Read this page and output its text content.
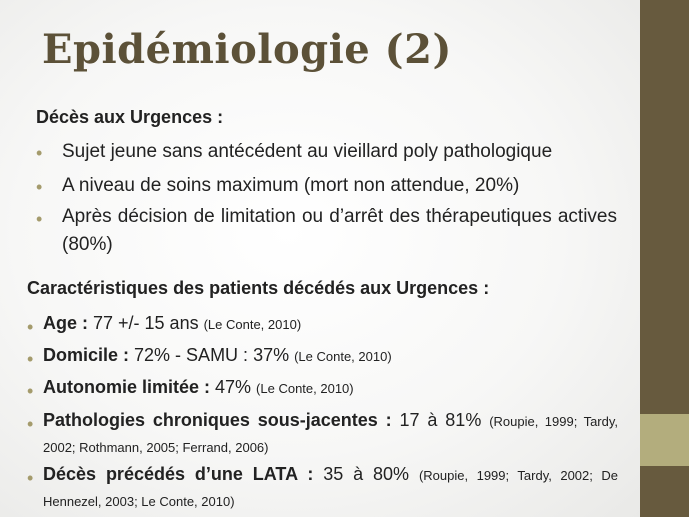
Epidémiologie (2)
Décès aux Urgences :
• Sujet jeune sans antécédent au vieillard poly pathologique
• A niveau de soins maximum (mort non attendue, 20%)
• Après décision de limitation ou d’arrêt des thérapeutiques actives (80%)
Caractéristiques des patients décédés aux Urgences :
• Age : 77 +/- 15 ans (Le Conte, 2010)
• Domicile : 72% - SAMU : 37% (Le Conte, 2010)
• Autonomie limitée : 47% (Le Conte, 2010)
• Pathologies chroniques sous-jacentes : 17 à 81% (Roupie, 1999; Tardy, 2002; Rothmann, 2005; Ferrand, 2006)
• Décès précédés d’une LATA : 35 à 80% (Roupie, 1999; Tardy, 2002; De Hennezel, 2003; Le Conte, 2010)
